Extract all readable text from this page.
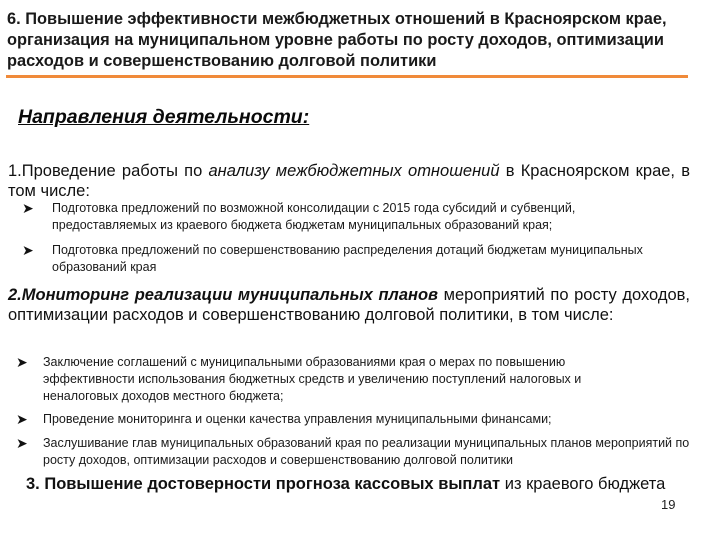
6. Повышение эффективности межбюджетных отношений в Красноярском крае, организация на муниципальном уровне работы по росту доходов, оптимизации расходов и совершенствованию долговой политики
Направления деятельности:
1.Проведение работы по анализу межбюджетных отношений в Красноярском крае, в том числе:
➤ Подготовка предложений по возможной консолидации с 2015 года субсидий и субвенций, предоставляемых из краевого бюджета бюджетам муниципальных образований края;
➤ Подготовка предложений по совершенствованию распределения дотаций бюджетам муниципальных образований края
2.Мониторинг реализации муниципальных планов мероприятий по росту доходов, оптимизации расходов и совершенствованию долговой политики, в том числе:
➤ Заключение соглашений с муниципальными образованиями края о мерах по повышению эффективности использования бюджетных средств и увеличению поступлений налоговых и неналоговых доходов местного бюджета;
➤ Проведение мониторинга и оценки качества управления муниципальными финансами;
➤ Заслушивание глав муниципальных образований края по реализации муниципальных планов мероприятий по росту доходов, оптимизации расходов и совершенствованию долговой политики
3. Повышение достоверности прогноза кассовых выплат из краевого бюджета
19
